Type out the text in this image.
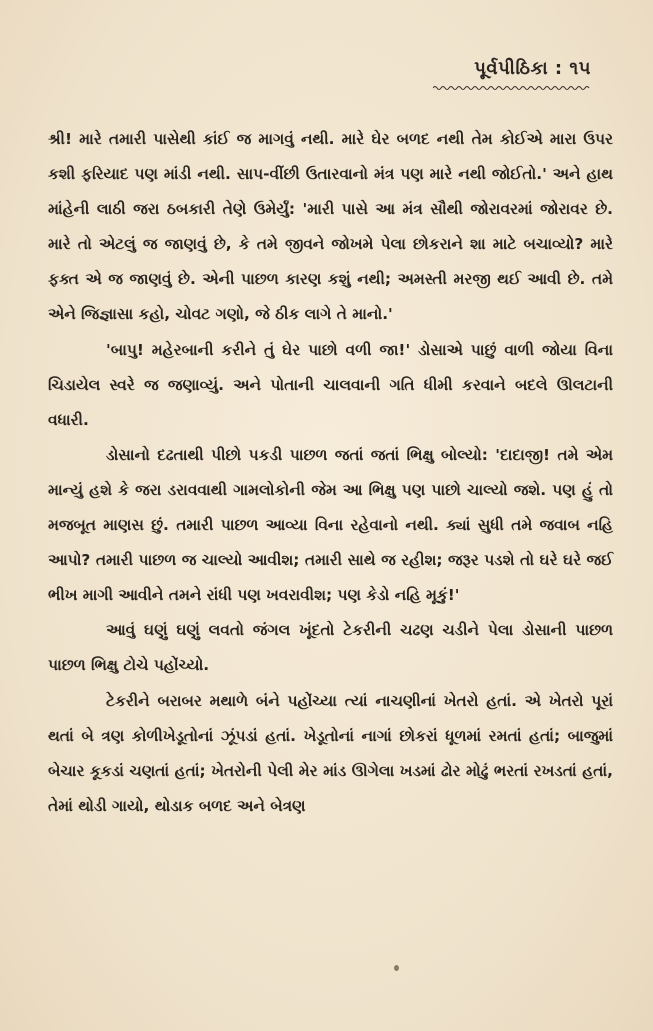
પૂર્વપીઠિકા : ૧૫

શ્રી! મારે તમારી પાસેથી કાંઈ જ માગવું નથી. મારે ઘેર બળદ નથી તેમ કોઈએ મારા ઉપર કશી ફરિયાદ પણ માંડી નથી. સાપ-વીંછી ઉતારવાનો મંત્ર પણ મારે નથી જોઈતો.' અને હાથ માંહેની લાઠી જરા ઠબકારી તેણે ઉમેર્યું: 'મારી પાસે આ મંત્ર સૌથી જોરાવરમાં જોરાવર છે. મારે તો એટલું જ જાણવું છે, કે તમે જીવને જોખમે પેલા છોકરાને શા માટે બચાવ્યો? મારે ફક્ત એ જ જાણવું છે. એની પાછળ કારણ કશું નથી; અમસ્તી મરજી થઈ આવી છે. તમે એને જિજ્ઞાસા કહો, ચોવટ ગણો, જે ઠીક લાગે તે માનો.'

'બાપુ! મહેરબાની કરીને તું ઘેર પાછો વળી જા!' ડોસાએ પાછું વાળી જોયા વિના ચિડાયેલ સ્વરે જ જણાવ્યું. અને પોતાની ચાલવાની ગતિ ધીમી કરવાને બદલે ઊલટાની વધારી.

ડોસાનો દઢતાથી પીછો પકડી પાછળ જતાં જતાં ભિક્ષુ બોલ્યો: 'દાદાજી! તમે એમ માન્યું હશે કે જરા ડરાવવાથી ગામલોકોની જેમ આ ભિક્ષુ પણ પાછો ચાલ્યો જશે. પણ હું તો મજબૂત માણસ છું. તમારી પાછળ આવ્યા વિના રહેવાનો નથી. ક્યાં સુધી તમે જવાબ નહિ આપો? તમારી પાછળ જ ચાલ્યો આવીશ; તમારી સાથે જ રહીશ; જરૂર પડશે તો ઘરે ઘરે જઈ ભીખ માગી આવીને તમને રાંધી પણ ખવરાવીશ; પણ કેડો નહિ મૂકું!'

આવું ઘણું ઘણું લવતો જંગલ ખૂંદતો ટેકરીની ચઢણ ચડીને પેલા ડોસાની પાછળ પાછળ ભિક્ષુ ટોચે પહોંચ્યો.

ટેકરીને બરાબર મથાળે બંને પહોંચ્યા ત્યાં નાચણીનાં ખેતરો હતાં. એ ખેતરો પૂરાં થતાં બે ત્રણ કોળીખેડૂતોનાં ઝૂંપડાં હતાં. ખેડૂતોનાં નાગાં છોકરાં ધૂળમાં રમતાં હતાં; બાજુમાં બેચાર કૂકડાં ચણતાં હતાં; ખેતરોની પેલી મેર માંડ ઊગેલા ખડમાં ઢોર મોઢું ભરતાં રખડતાં હતાં, તેમાં થોડી ગાયો, થોડાક બળદ અને બેત્રણ
